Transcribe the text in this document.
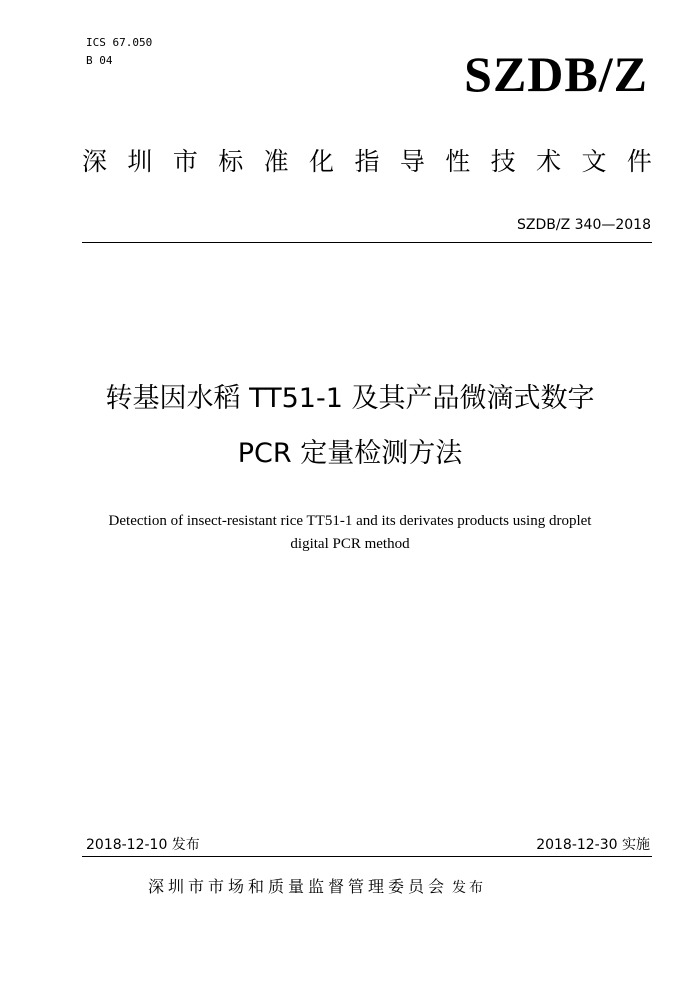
ICS 67.050
B 04	SZDB/Z
深 圳 市 标 准 化 指 导 性 技 术 文 件
SZDB/Z 340—2018
转基因水稻 TT51-1 及其产品微滴式数字
PCR 定量检测方法
Detection of insect-resistant rice TT51-1 and its derivates products using droplet
digital PCR method
2018-12-10 发布	2018-12-30 实施
深圳市市场和质量监督管理委员会 发布
